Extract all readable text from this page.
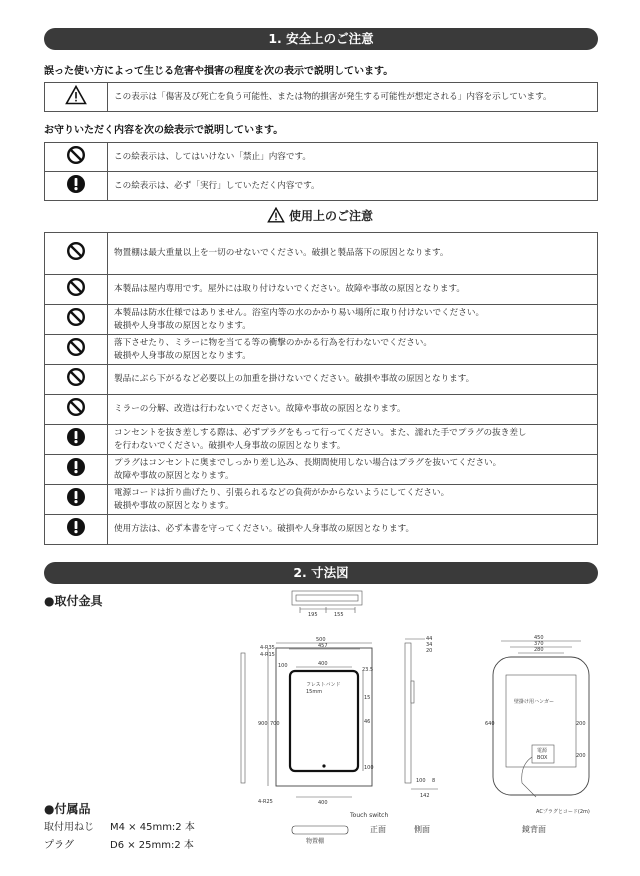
1. 安全上のご注意
誤った使い方によって生じる危害や損害の程度を次の表示で説明しています。
	この表示は「傷害及び死亡を負う可能性、または物的損害が発生する可能性が想定される」内容を示しています。
お守りいただく内容を次の絵表示で説明しています。
	この絵表示は、してはいけない「禁止」内容です。
	この絵表示は、必ず「実行」していただく内容です。
使用上のご注意

物置棚は最大重量以上を一切のせないでください。破損と製品落下の原因となります。

本製品は屋内専用です。屋外には取り付けないでください。故障や事故の原因となります。

本製品は防水仕様ではありません。浴室内等の水のかかり易い場所に取り付けないでください。
破損や人身事故の原因となります。

落下させたり、ミラーに物を当てる等の衝撃のかかる行為を行わないでください。
破損や人身事故の原因となります。

製品にぶら下がるなど必要以上の加重を掛けないでください。破損や事故の原因となります。

ミラーの分解、改造は行わないでください。故障や事故の原因となります。

コンセントを抜き差しする際は、必ずプラグをもって行ってください。また、濡れた手でプラグの抜き差し
を行わないでください。破損や人身事故の原因となります。

プラグはコンセントに奥までしっかり差し込み、長期間使用しない場合はプラグを抜いてください。
故障や事故の原因となります。

電源コードは折り曲げたり、引張られるなどの負荷がかからないようにしてください。
破損や事故の原因となります。

使用方法は、必ず本書を守ってください。破損や人身事故の原因となります。
2. 寸法図
●取付金具
●付属品
取付用ねじ M4 × 45mm:2 本
プラグ	D6 × 25mm:2 本
195	155
500
457
400
4-R35
4-R15
100
23.5
900 700
15
46
100
4-R25	400
フレストバンド
15mm
Touch switch
物置棚
正面
44
34
20
100 8
142
側面
450
370
280
640	200
200
壁掛け用ハンガー
電源
BOX
ACプラグとコード(2m)
鏡背面
